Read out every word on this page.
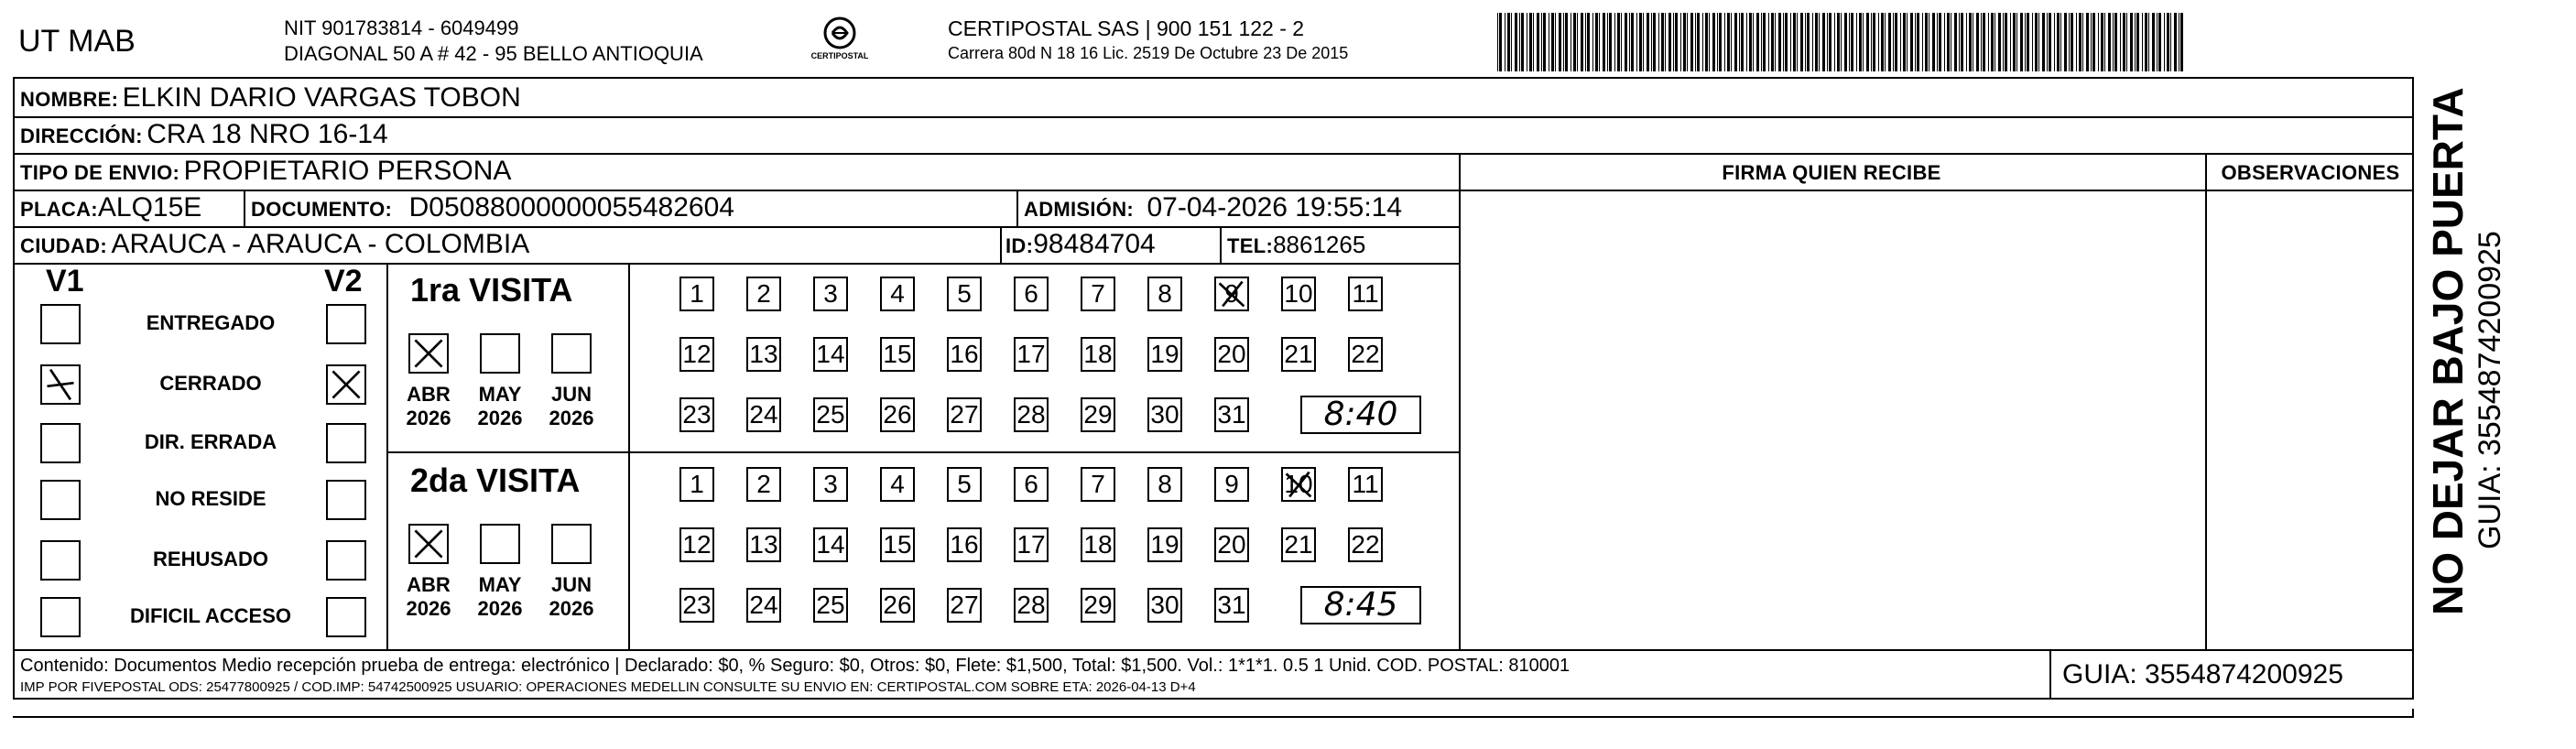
UT MAB	NIT 901783814 - 6049499
DIAGONAL 50 A # 42 - 95 BELLO ANTIOQUIA	CERTIPOSTAL
CERTIPOSTAL SAS | 900 151 122 - 2
Carrera 80d N 18 16 Lic. 2519 De Octubre 23 De 2015
NOMBRE: ELKIN DARIO VARGAS TOBON
DIRECCIÓN: CRA 18 NRO 16-14
TIPO DE ENVIO: PROPIETARIO PERSONA	FIRMA QUIEN RECIBE	OBSERVACIONES
PLACA:ALQ15E DOCUMENTO: D05088000000055482604	ADMISIÓN: 07-04-2026 19:55:14
CIUDAD: ARAUCA - ARAUCA - COLOMBIA	ID:98484704	TEL:8861265
V1	V2
ENTREGADO
CERRADO
DIR. ERRADA
NO RESIDE
REHUSADO
DIFICIL ACCESO
1ra VISITA
ABR
2026
MAY
2026
JUN
2026
1	2	3	4	5	6	7	8	9	10 11
12 13 14 15 16 17 18 19 20 21 22
23 24 25 26 27 28 29 30 31	8:40
2da VISITA
ABR
2026
MAY
2026
JUN
2026
1	2	3	4	5	6	7	8	9	10 11
12 13 14 15 16 17 18 19 20 21 22
23 24 25 26 27 28 29 30 31	8:45
Contenido: Documentos Medio recepción prueba de entrega: electrónico | Declarado: $0, % Seguro: $0, Otros: $0, Flete: $1,500, Total: $1,500. Vol.: 1*1*1. 0.5 1 Unid. COD. POSTAL: 810001
IMP POR FIVEPOSTAL ODS: 25477800925 / COD.IMP: 54742500925 USUARIO: OPERACIONES MEDELLIN CONSULTE SU ENVIO EN: CERTIPOSTAL.COM SOBRE ETA: 2026-04-13 D+4	GUIA: 3554874200925
NO DEJAR BAJO PUERTA GUIA: 3554874200925
